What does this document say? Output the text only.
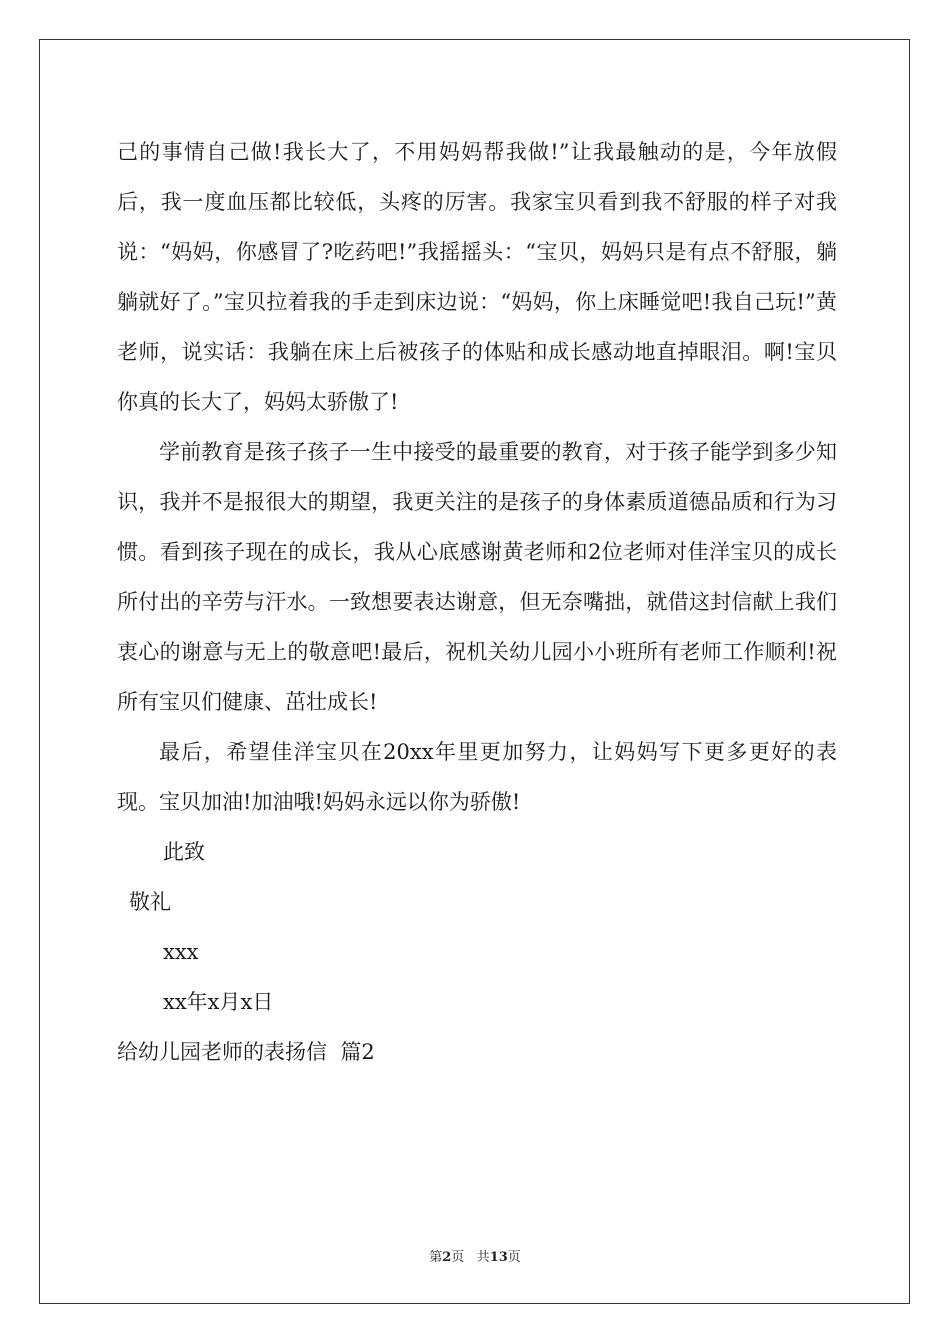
己的事情自己做!我长大了，不用妈妈帮我做!”让我最触动的是，今年放假后，我一度血压都比较低，头疼的厉害。我家宝贝看到我不舒服的样子对我说：“妈妈，你感冒了?吃药吧!”我摇摇头：“宝贝，妈妈只是有点不舒服，躺躺就好了。”宝贝拉着我的手走到床边说：“妈妈，你上床睡觉吧!我自己玩!”黄老师，说实话：我躺在床上后被孩子的体贴和成长感动地直掉眼泪。啊!宝贝你真的长大了，妈妈太骄傲了!

学前教育是孩子孩子一生中接受的最重要的教育，对于孩子能学到多少知识，我并不是报很大的期望，我更关注的是孩子的身体素质道德品质和行为习惯。看到孩子现在的成长，我从心底感谢黄老师和2位老师对佳洋宝贝的成长所付出的辛劳与汗水。一致想要表达谢意，但无奈嘴拙，就借这封信献上我们衷心的谢意与无上的敬意吧!最后，祝机关幼儿园小小班所有老师工作顺利!祝所有宝贝们健康、茁壮成长!

最后，希望佳洋宝贝在20xx年里更加努力，让妈妈写下更多更好的表现。宝贝加油!加油哦!妈妈永远以你为骄傲!

此致

敬礼

xxx

xx年x月x日

给幼儿园老师的表扬信  篇2

第2页 共13页
